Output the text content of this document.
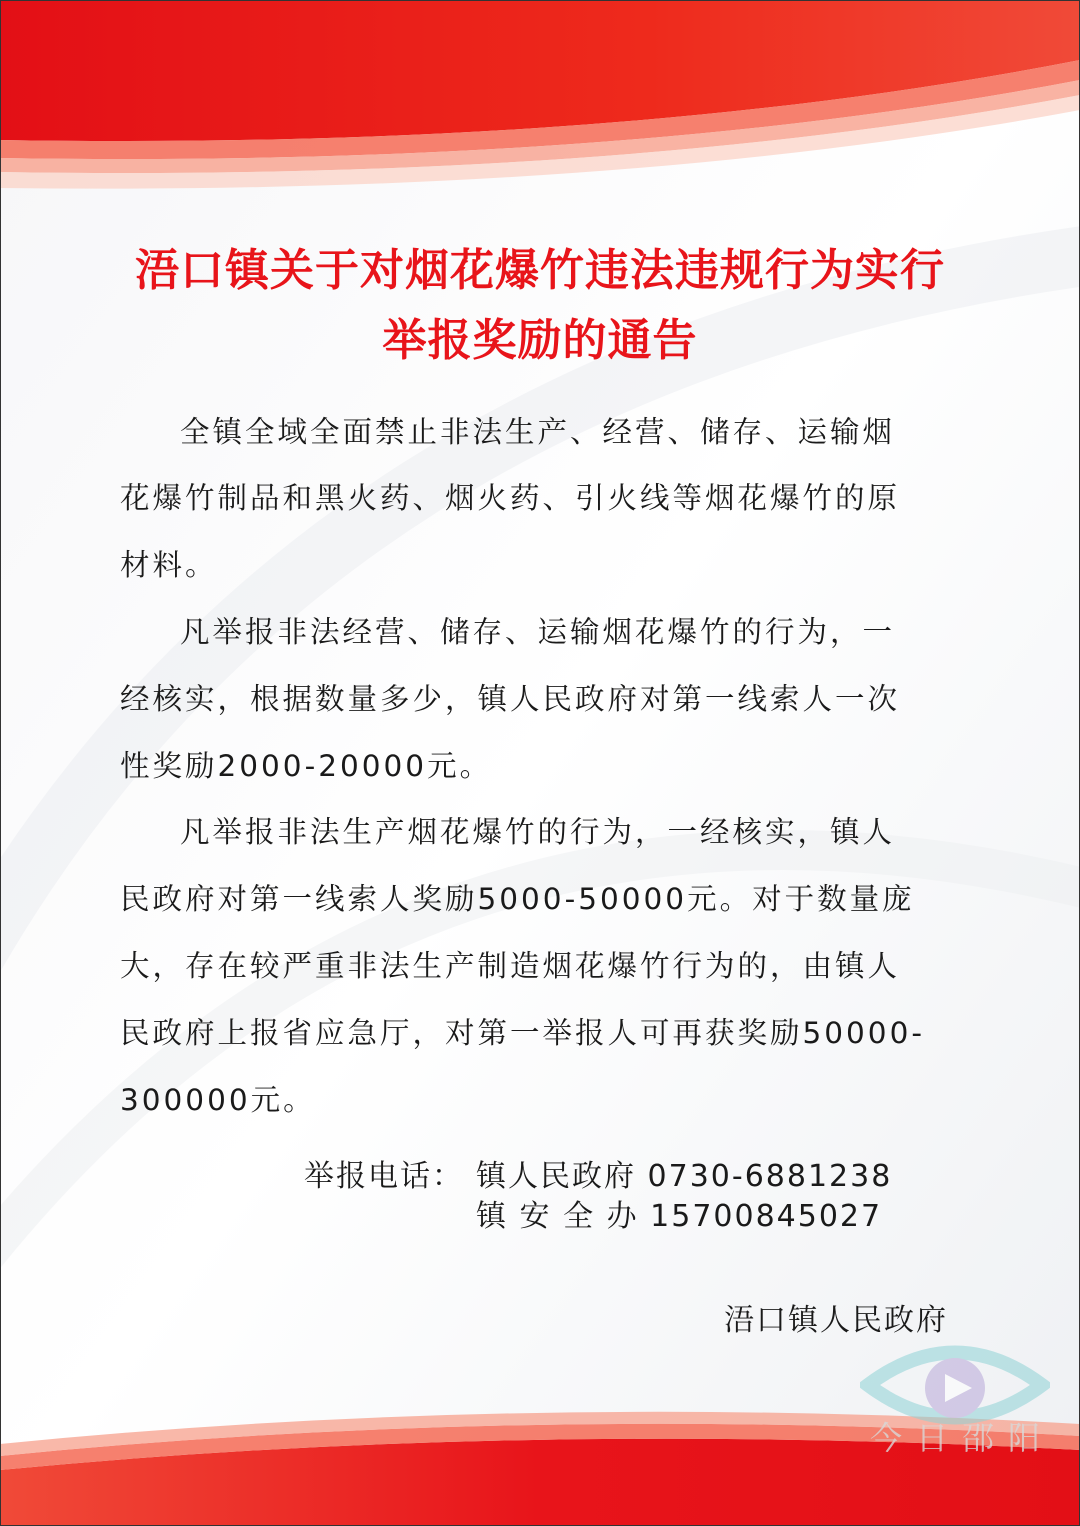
浯口镇关于对烟花爆竹违法违规行为实行
举报奖励的通告
全镇全域全面禁止非法生产、经营、储存、运输烟
花爆竹制品和黑火药、烟火药、引火线等烟花爆竹的原
材料。
凡举报非法经营、储存、运输烟花爆竹的行为，一
经核实，根据数量多少，镇人民政府对第一线索人一次
性奖励2000-20000元。
凡举报非法生产烟花爆竹的行为，一经核实，镇人
民政府对第一线索人奖励5000-50000元。对于数量庞
大，存在较严重非法生产制造烟花爆竹行为的，由镇人
民政府上报省应急厅，对第一举报人可再获奖励50000-
300000元。
举报电话： 镇人民政府 0730-6881238
镇 安 全 办 15700845027
浯口镇人民政府
今日邵阳
